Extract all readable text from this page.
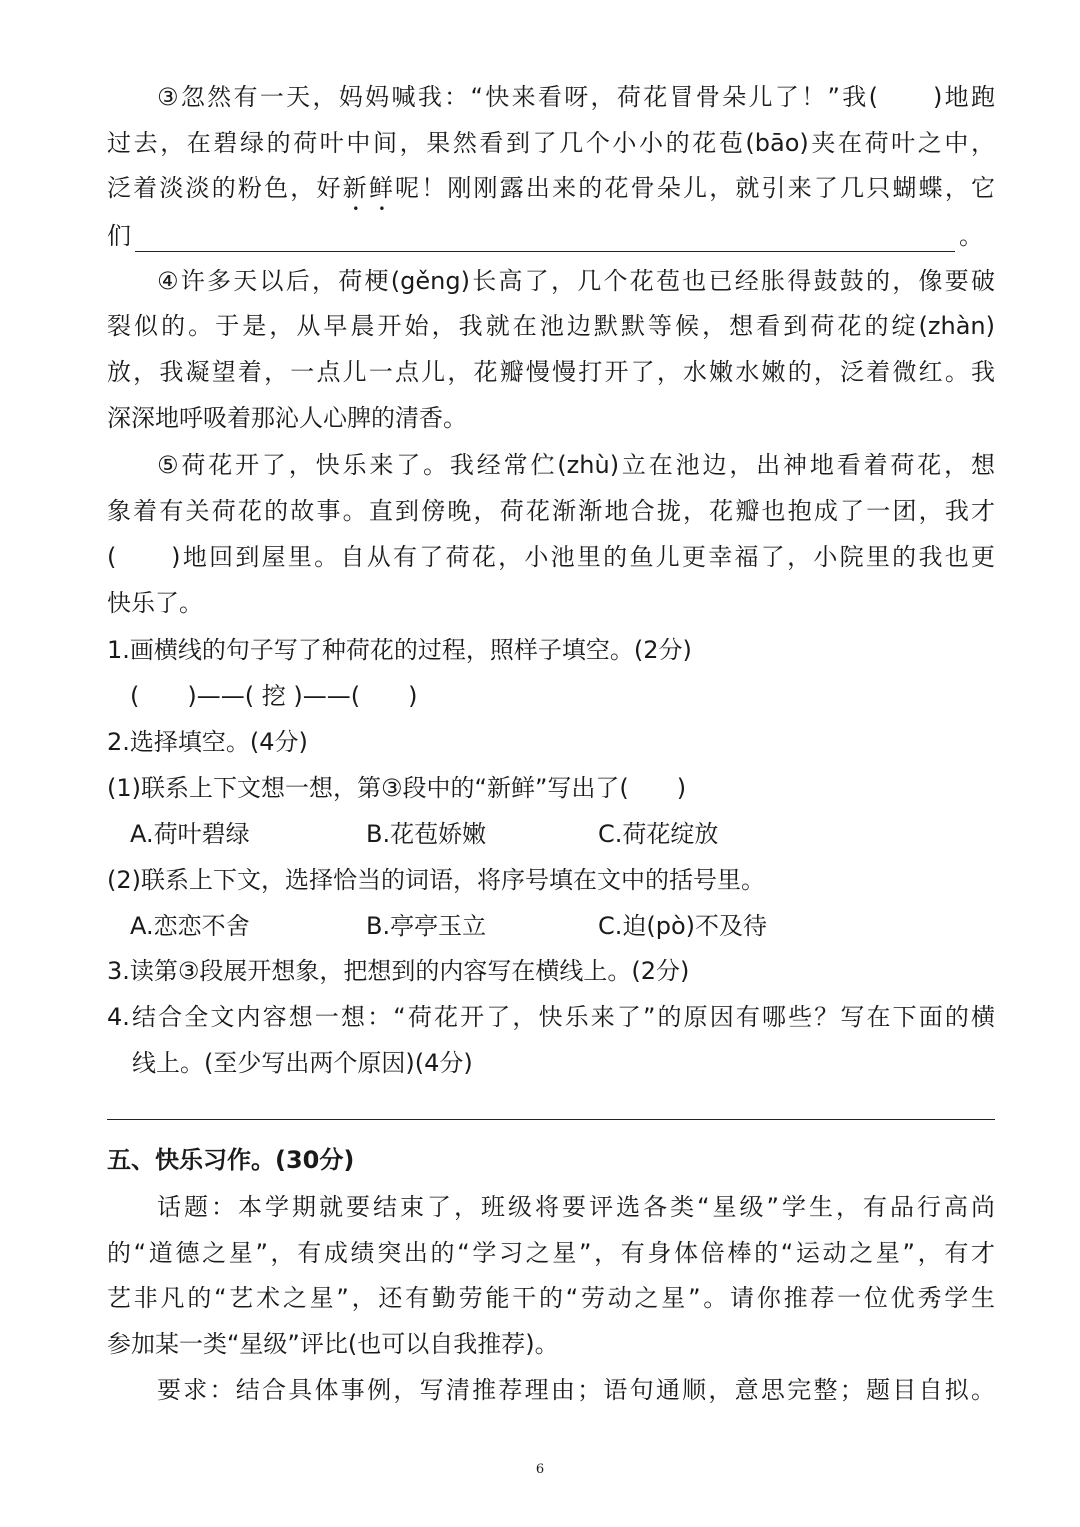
③忽然有一天，妈妈喊我：“快来看呀，荷花冒骨朵儿了！”我(　　)地跑
过去，在碧绿的荷叶中间，果然看到了几个小小的花苞(bāo)夹在荷叶之中，
泛着淡淡的粉色，好新鲜呢！刚刚露出来的花骨朵儿，就引来了几只蝴蝶，它
们	。
④许多天以后，荷梗(gěng)长高了，几个花苞也已经胀得鼓鼓的，像要破
裂似的。于是，从早晨开始，我就在池边默默等候，想看到荷花的绽(zhàn)
放，我凝望着，一点儿一点儿，花瓣慢慢打开了，水嫩水嫩的，泛着微红。我
深深地呼吸着那沁人心脾的清香。
⑤荷花开了，快乐来了。我经常伫(zhù)立在池边，出神地看着荷花，想
象着有关荷花的故事。直到傍晚，荷花渐渐地合拢，花瓣也抱成了一团，我才
(　　)地回到屋里。自从有了荷花，小池里的鱼儿更幸福了，小院里的我也更
快乐了。
1.画横线的句子写了种荷花的过程，照样子填空。(2分)
(　　)——( 挖 )——(　　)
2.选择填空。(4分)
(1)联系上下文想一想，第③段中的“新鲜”写出了(　　)
A.荷叶碧绿	B.花苞娇嫩	C.荷花绽放
(2)联系上下文，选择恰当的词语，将序号填在文中的括号里。
A.恋恋不舍	B.亭亭玉立	C.迫(pò)不及待
3.读第③段展开想象，把想到的内容写在横线上。(2分)
4.结合全文内容想一想：“荷花开了，快乐来了”的原因有哪些？写在下面的横
线上。(至少写出两个原因)(4分)
五、快乐习作。(30分)
话题：本学期就要结束了，班级将要评选各类“星级”学生，有品行高尚
的“道德之星”，有成绩突出的“学习之星”，有身体倍棒的“运动之星”，有才
艺非凡的“艺术之星”，还有勤劳能干的“劳动之星”。请你推荐一位优秀学生
参加某一类“星级”评比(也可以自我推荐)。
要求：结合具体事例，写清推荐理由；语句通顺，意思完整；题目自拟。
6
